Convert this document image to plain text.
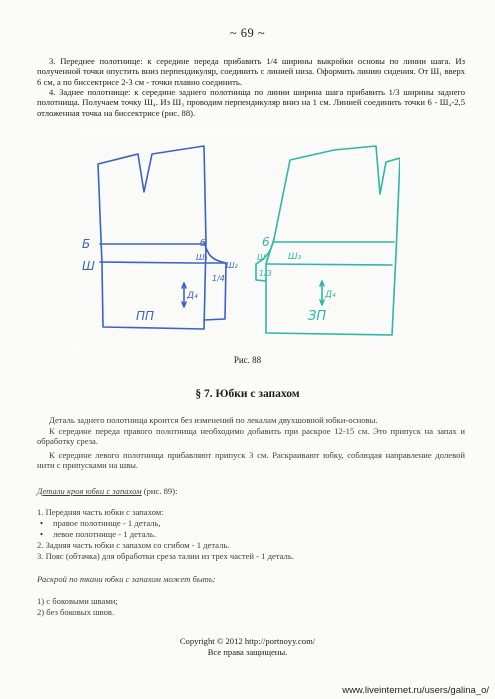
~ 69 ~
3. Переднее полотнище: к середине переда прибавить 1/4 ширины выкройки основы по линии шага. Из полученной точки опустить вниз перпендикуляр, соединить с линией низа. Оформить линию сидения. От Ш₁ вверх 6 см, а по биссектрисе 2-3 см - точки плавно соединить.
4. Заднее полотнище: к середине заднего полотнища по линии ширина шага прибавить 1/3 ширины заднего полотнища. Получаем точку Ш₄. Из Ш₃ проводим перпендикуляр вниз на 1 см. Линией соединить точки 6 - Ш₄-2,5 отложенная точка на биссектрисе (рис. 88).
Б
Ш
б
Ш₁
Ш₂
1/4
Д₄
ПП
6
Ш₄ Ш₃
1/3
Д₄
ЗП
Рис. 88
§ 7. Юбки с запахом
Деталь заднего полотнища кроится без изменений по лекалам двухшовной юбки-основы.
К середине переда правого полотнища необходимо добавить при раскрое 12-15 см. Это припуск на запах и обработку среза.
К середине левого полотнища прибавляют припуск 3 см. Раскраивают юбку, соблюдая направление долевой нити с припусками на швы.
Детали кроя юбки с запахом (рис. 89):
1. Передняя часть юбки с запахом:
• правое полотнище - 1 деталь,
• левое полотнище - 1 деталь.
2. Задняя часть юбки с запахом со сгибом - 1 деталь.
3. Пояс (обтачка) для обработки среза талии из трех частей - 1 деталь.
Раскрой по ткани юбки с запахом может быть:
1) с боковыми швами;
2) без боковых швов.
Copyright © 2012 http://portnoyy.com/
Все права защищены.
www.liveinternet.ru/users/galina_o/
